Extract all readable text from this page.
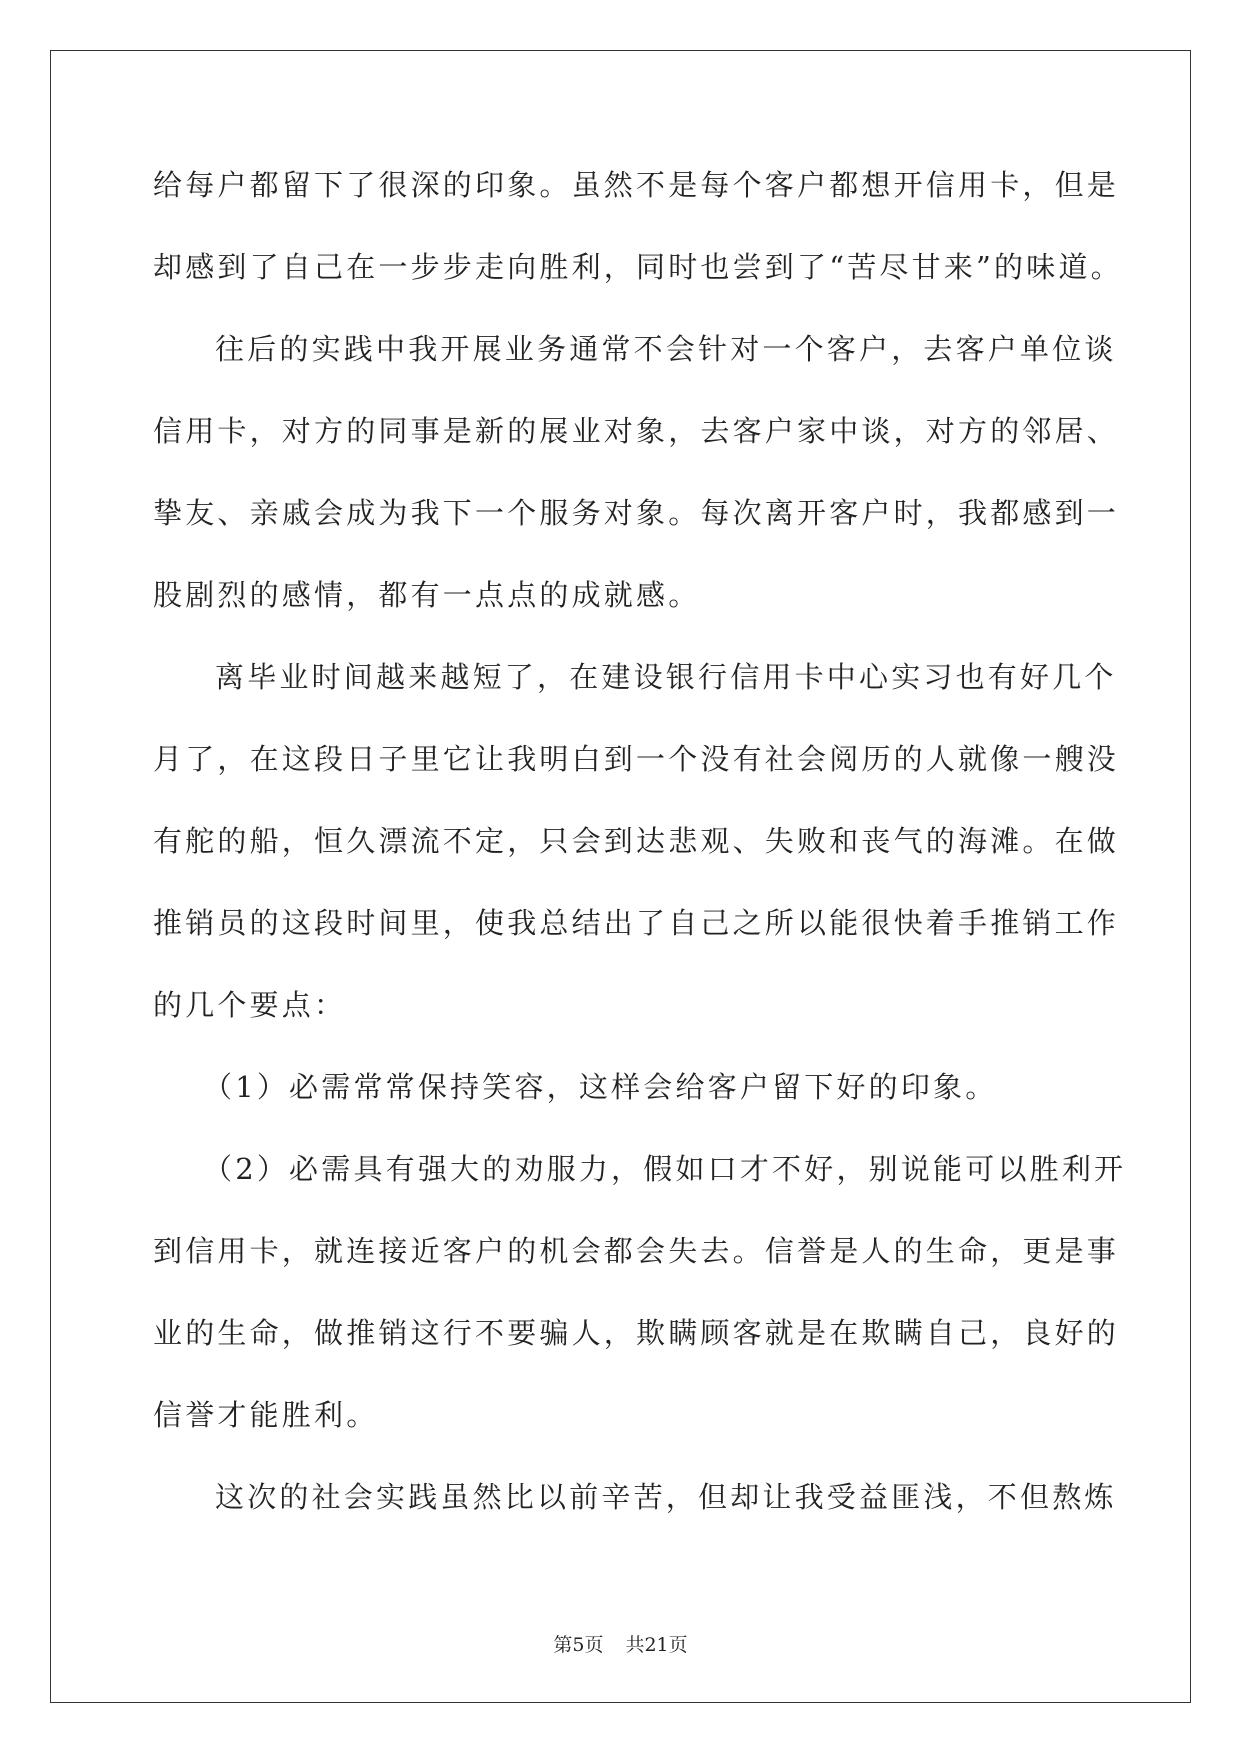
给每户都留下了很深的印象。虽然不是每个客户都想开信用卡，但是
却感到了自己在一步步走向胜利，同时也尝到了“苦尽甘来”的味道。
往后的实践中我开展业务通常不会针对一个客户，去客户单位谈
信用卡，对方的同事是新的展业对象，去客户家中谈，对方的邻居、
挚友、亲戚会成为我下一个服务对象。每次离开客户时，我都感到一
股剧烈的感情，都有一点点的成就感。
离毕业时间越来越短了，在建设银行信用卡中心实习也有好几个
月了，在这段日子里它让我明白到一个没有社会阅历的人就像一艘没
有舵的船，恒久漂流不定，只会到达悲观、失败和丧气的海滩。在做
推销员的这段时间里，使我总结出了自己之所以能很快着手推销工作
的几个要点：
（1）必需常常保持笑容，这样会给客户留下好的印象。
（2）必需具有强大的劝服力，假如口才不好，别说能可以胜利开
到信用卡，就连接近客户的机会都会失去。信誉是人的生命，更是事
业的生命，做推销这行不要骗人，欺瞒顾客就是在欺瞒自己，良好的
信誉才能胜利。
这次的社会实践虽然比以前辛苦，但却让我受益匪浅，不但熬炼
第5页 共21页
